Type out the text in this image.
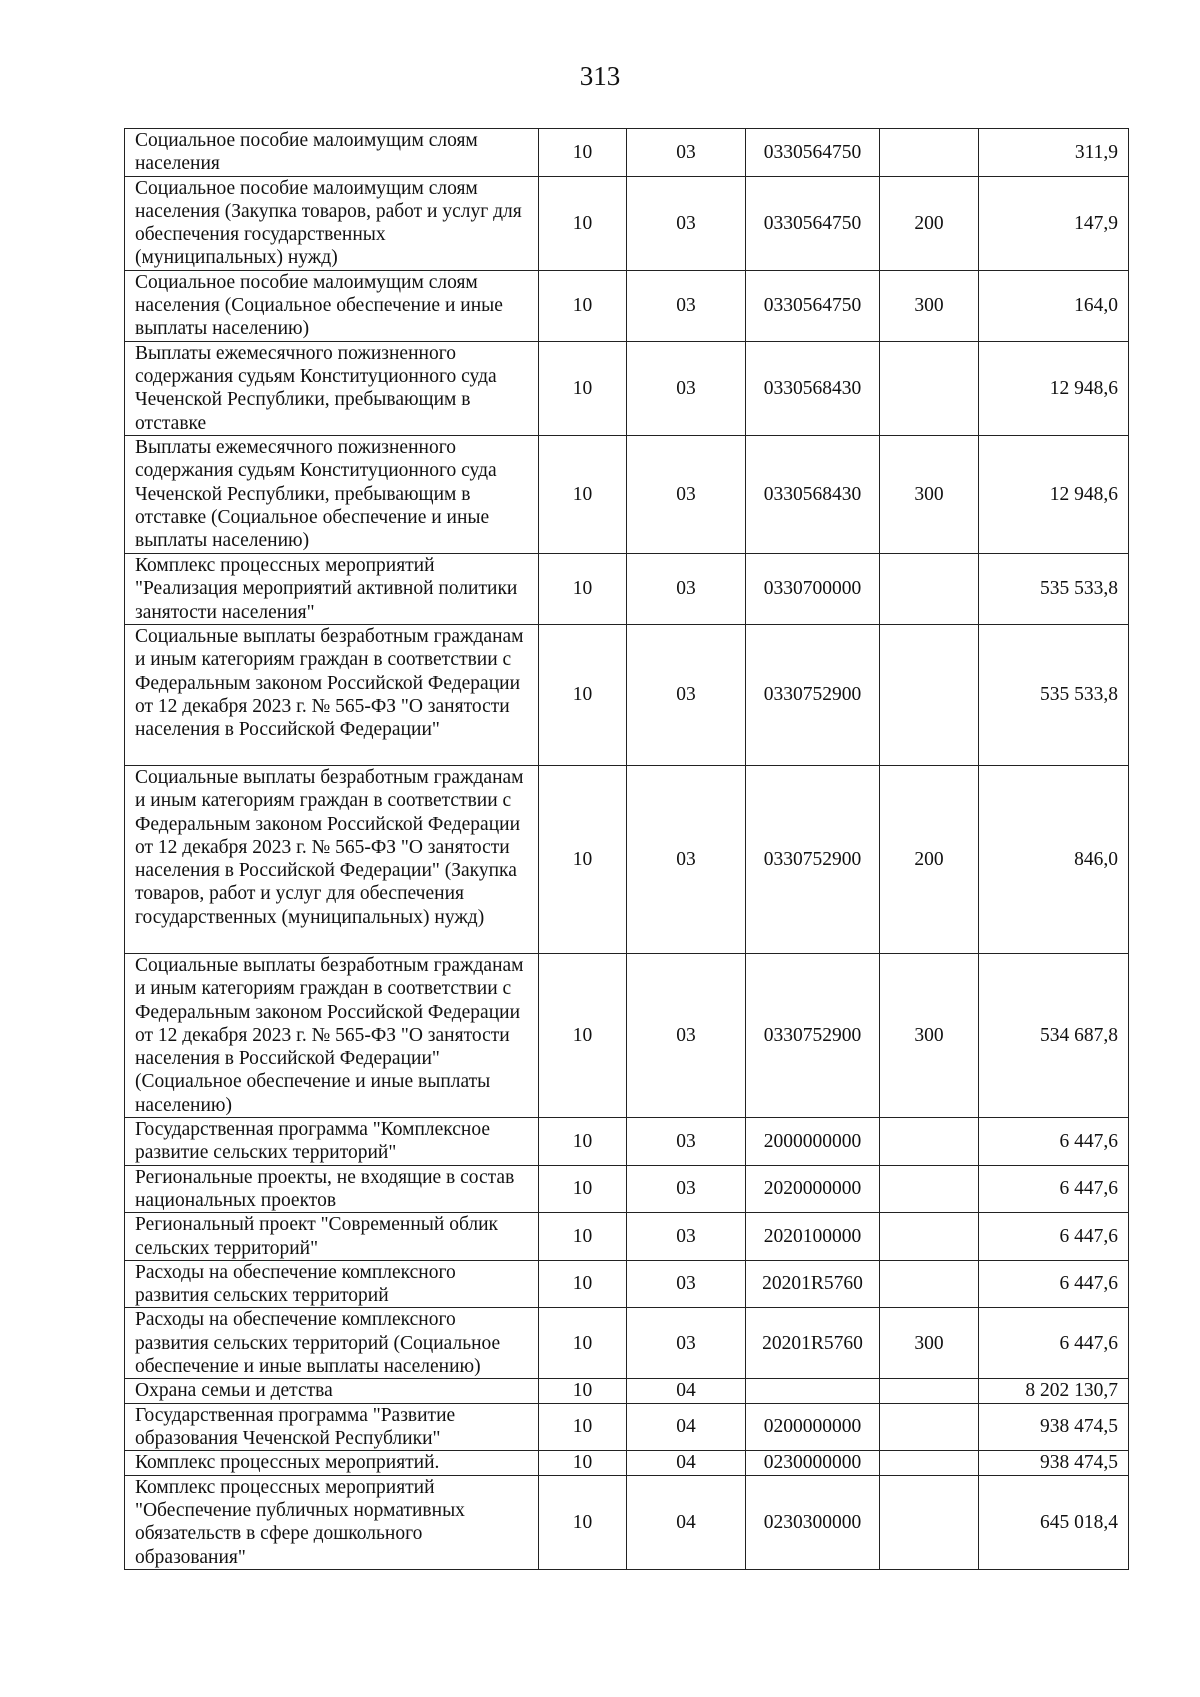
313
Социальное пособие малоимущим слоям населения	10	03	0330564750		311,9
Социальное пособие малоимущим слоям населения (Закупка товаров, работ и услуг для обеспечения государственных (муниципальных) нужд)	10	03	0330564750	200	147,9
Социальное пособие малоимущим слоям населения (Социальное обеспечение и иные выплаты населению)	10	03	0330564750	300	164,0
Выплаты ежемесячного пожизненного содержания судьям Конституционного суда Чеченской Республики, пребывающим в отставке	10	03	0330568430		12 948,6
Выплаты ежемесячного пожизненного содержания судьям Конституционного суда Чеченской Республики, пребывающим в отставке (Социальное обеспечение и иные выплаты населению)	10	03	0330568430	300	12 948,6
Комплекс процессных мероприятий "Реализация мероприятий активной политики занятости населения"	10	03	0330700000		535 533,8
Социальные выплаты безработным гражданам и иным категориям граждан в соответствии с Федеральным законом Российской Федерации от 12 декабря 2023 г. № 565-ФЗ "О занятости населения в Российской Федерации"	10	03	0330752900		535 533,8
Социальные выплаты безработным гражданам и иным категориям граждан в соответствии с Федеральным законом Российской Федерации от 12 декабря 2023 г. № 565-ФЗ "О занятости населения в Российской Федерации" (Закупка товаров, работ и услуг для обеспечения государственных (муниципальных) нужд)	10	03	0330752900	200	846,0
Социальные выплаты безработным гражданам и иным категориям граждан в соответствии с Федеральным законом Российской Федерации от 12 декабря 2023 г. № 565-ФЗ "О занятости населения в Российской Федерации" (Социальное обеспечение и иные выплаты населению)	10	03	0330752900	300	534 687,8
Государственная программа "Комплексное развитие сельских территорий"	10	03	2000000000		6 447,6
Региональные проекты, не входящие в состав национальных проектов	10	03	2020000000		6 447,6
Региональный проект "Современный облик сельских территорий"	10	03	2020100000		6 447,6
Расходы на обеспечение комплексного развития сельских территорий	10	03	20201R5760		6 447,6
Расходы на обеспечение комплексного развития сельских территорий (Социальное обеспечение и иные выплаты населению)	10	03	20201R5760	300	6 447,6
Охрана семьи и детства	10	04			8 202 130,7
Государственная программа "Развитие образования Чеченской Республики"	10	04	0200000000		938 474,5
Комплекс процессных мероприятий.	10	04	0230000000		938 474,5
Комплекс процессных мероприятий "Обеспечение публичных нормативных обязательств в сфере дошкольного образования"	10	04	0230300000		645 018,4
